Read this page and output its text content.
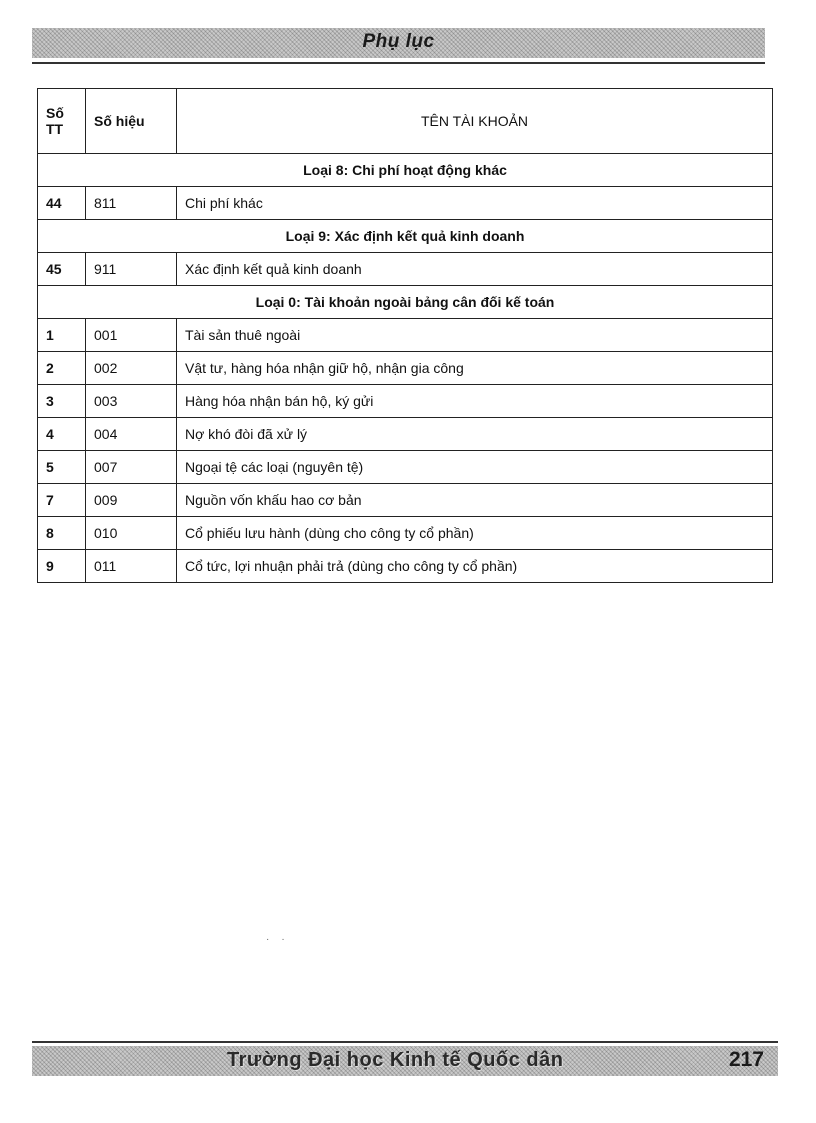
Phụ lục
Số TT	Số hiệu	TÊN TÀI KHOẢN
Loại 8: Chi phí hoạt động khác		
44	811	Chi phí khác
Loại 9: Xác định kết quả kinh doanh		
45	911	Xác định kết quả kinh doanh
Loại 0: Tài khoản ngoài bảng cân đối kế toán		
1	001	Tài sản thuê ngoài
2	002	Vật tư, hàng hóa nhận giữ hộ, nhận gia công
3	003	Hàng hóa nhận bán hộ, ký gửi
4	004	Nợ khó đòi đã xử lý
5	007	Ngoại tệ các loại (nguyên tệ)
7	009	Nguồn vốn khấu hao cơ bản
8	010	Cổ phiếu lưu hành (dùng cho công ty cổ phần)
9	011	Cổ tức, lợi nhuận phải trả (dùng cho công ty cổ phần)
··
Trường Đại học Kinh tế Quốc dân	217
